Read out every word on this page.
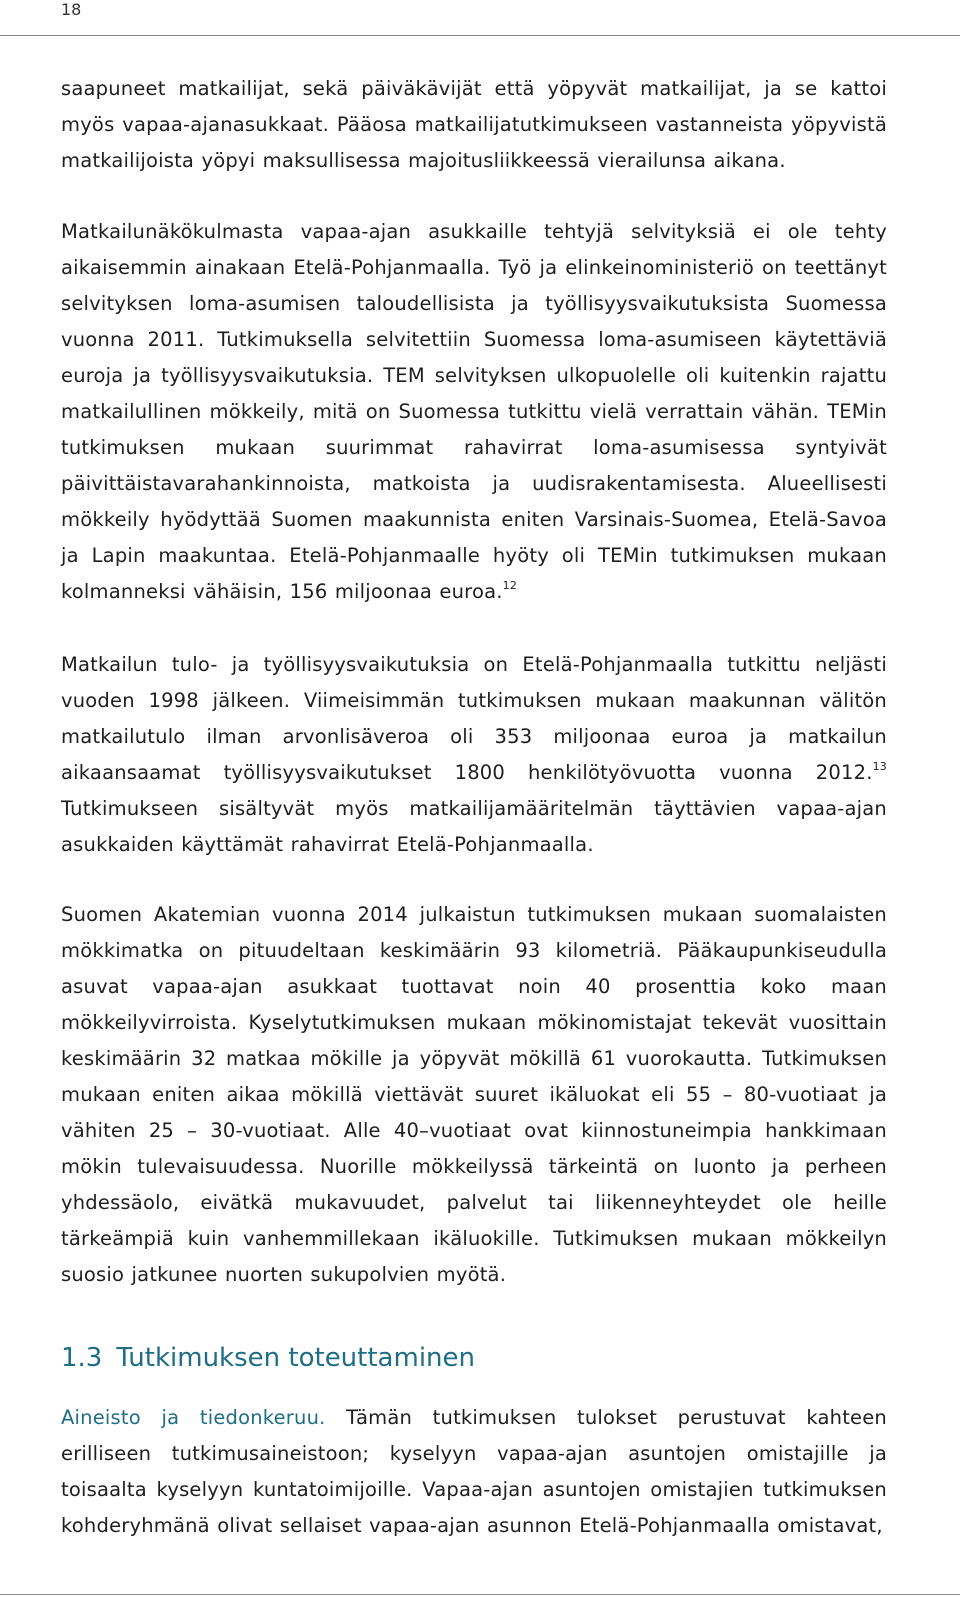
18

saapuneet matkailijat, sekä päiväkävijät että yöpyvät matkailijat, ja se kattoi myös vapaa-ajanasukkaat. Pääosa matkailijatutkimukseen vastanneista yöpyvistä matkailijoista yöpyi maksullisessa majoitusliikkeessä vierailunsa aikana.

Matkailunäkökulmasta vapaa-ajan asukkaille tehtyjä selvityksiä ei ole tehty aikaisemmin ainakaan Etelä-Pohjanmaalla. Työ ja elinkeinoministeriö on teettänyt selvityksen loma-asumisen taloudellisista ja työllisyysvaikutuksista Suomessa vuonna 2011. Tutkimuksella selvitettiin Suomessa loma-asumiseen käytettäviä euroja ja työllisyysvaikutuksia. TEM selvityksen ulkopuolelle oli kuitenkin rajattu matkailullinen mökkeily, mitä on Suomessa tutkittu vielä verrattain vähän. TEMin tutkimuksen mukaan suurimmat rahavirrat loma-asumisessa syntyivät päivittäistavarahankinnoista, matkoista ja uudisrakentamisesta. Alueellisesti mökkeily hyödyttää Suomen maakunnista eniten Varsinais-Suomea, Etelä-Savoa ja Lapin maakuntaa. Etelä-Pohjanmaalle hyöty oli TEMin tutkimuksen mukaan kolmanneksi vähäisin, 156 miljoonaa euroa.$^{12}$

Matkailun tulo- ja työllisyysvaikutuksia on Etelä-Pohjanmaalla tutkittu neljästi vuoden 1998 jälkeen. Viimeisimmän tutkimuksen mukaan maakunnan välitön matkailutulo ilman arvonlisäveroa oli 353 miljoonaa euroa ja matkailun aikaansaamat työllisyysvaikutukset 1800 henkilötyövuotta vuonna 2012.13 Tutkimukseen sisältyvät myös matkailijamääritelmän täyttävien vapaa-ajan asukkaiden käyttämät rahavirrat Etelä-Pohjanmaalla.

Suomen Akatemian vuonna 2014 julkaistun tutkimuksen mukaan suomalaisten mökkimatka on pituudeltaan keskimäärin 93 kilometriä. Pääkaupunkiseudulla asuvat vapaa-ajan asukkaat tuottavat noin 40 prosenttia koko maan mökkeilyvirroista. Kyselytutkimuksen mukaan mökinomistajat tekevät vuosittain keskimäärin 32 matkaa mökille ja yöpyvät mökillä 61 vuorokautta. Tutkimuksen mukaan eniten aikaa mökillä viettävät suuret ikäluokat eli 55 – 80-vuotiaat ja vähiten 25 – 30-vuotiaat. Alle 40–vuotiaat ovat kiinnostuneimpia hankkimaan mökin tulevaisuudessa. Nuorille mökkeilyssä tärkeintä on luonto ja perheen yhdessäolo, eivätkä mukavuudet, palvelut tai liikenneyhteydet ole heille tärkeämpiä kuin vanhemmillekaan ikäluokille. Tutkimuksen mukaan mökkeilyn suosio jatkunee nuorten sukupolvien myötä.

1.3 Tutkimuksen toteuttaminen

Aineisto ja tiedonkeruu. Tämän tutkimuksen tulokset perustuvat kahteen erilliseen tutkimusaineistoon; kyselyyn vapaa-ajan asuntojen omistajille ja toisaalta kyselyyn kuntatoimijoille. Vapaa-ajan asuntojen omistajien tutkimuksen kohderyhmänä olivat sellaiset vapaa-ajan asunnon Etelä-Pohjanmaalla omistavat,
